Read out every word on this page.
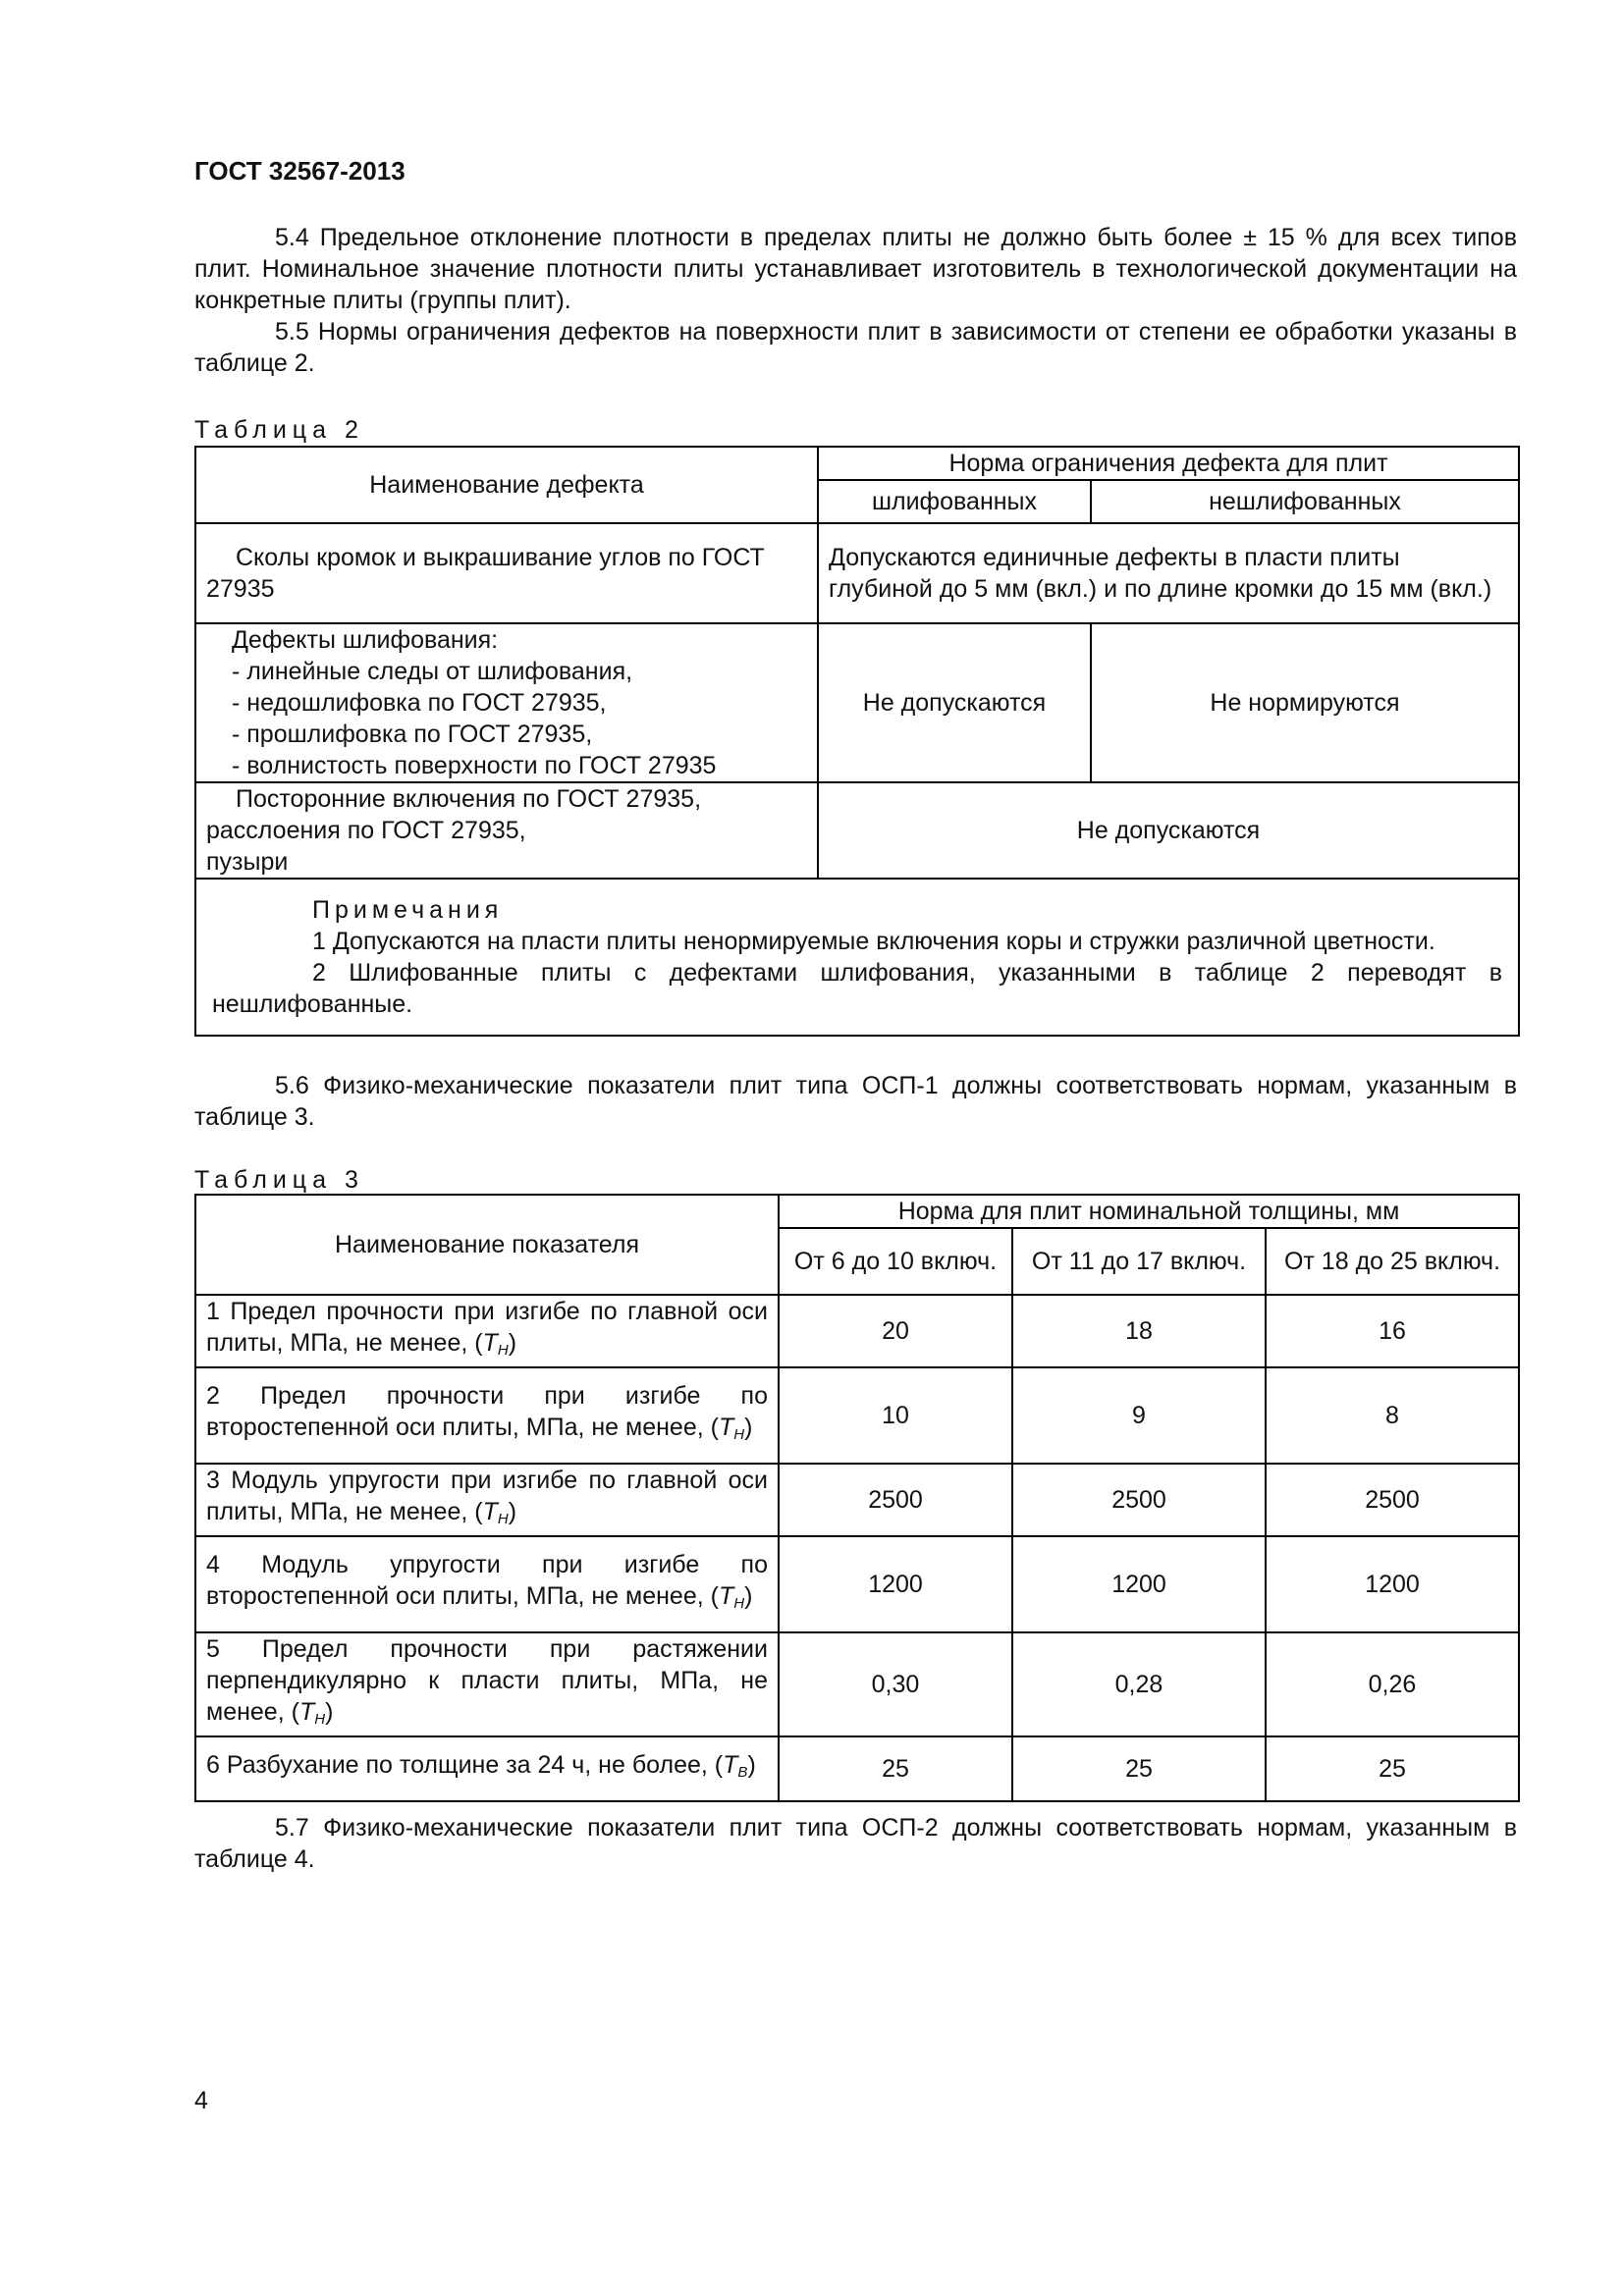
ГОСТ 32567-2013
5.4 Предельное отклонение плотности в пределах плиты не должно быть более ± 15 % для всех типов плит. Номинальное значение плотности плиты устанавливает изготовитель в технологической документации на конкретные плиты (группы плит).
5.5 Нормы ограничения дефектов на поверхности плит в зависимости от степени ее обработки указаны в таблице 2.
Таблица 2
Наименование дефекта	Норма ограничения дефекта для плит	
	шлифованных	нешлифованных
Сколы кромок и выкрашивание углов по ГОСТ 27935	Допускаются единичные дефекты в пласти плиты глубиной до 5 мм (вкл.) и по длине кромки до 15 мм (вкл.)	

Дефекты шлифования:
- линейные следы от шлифования,
- недошлифовка по ГОСТ 27935,
- прошлифовка по ГОСТ 27935,
- волнистость поверхности по ГОСТ 27935	Не допускаются	Не нормируются

Посторонние включения по ГОСТ 27935,
расслоения по ГОСТ 27935,
пузыри	Не допускаются	

Примечания
1 Допускаются на пласти плиты ненормируемые включения коры и стружки различной цветности.
2 Шлифованные плиты с дефектами шлифования, указанными в таблице 2 переводят в нешлифованные.		
5.6 Физико-механические показатели плит типа ОСП-1 должны соответствовать нормам, указанным в таблице 3.
Таблица 3
Наименование показателя	Норма для плит номинальной толщины, мм		
	От 6 до 10 включ.	От 11 до 17 включ.	От 18 до 25 включ.
1 Предел прочности при изгибе по главной оси плиты, МПа, не менее, $(Т_Н)$	20	18	16
2 Предел прочности при изгибе по второстепенной оси плиты, МПа, не менее, $(Т_Н)$	10	9	8
3 Модуль упругости при изгибе по главной оси плиты, МПа, не менее, $(Т_Н)$	2500	2500	2500
4 Модуль упругости при изгибе по второстепенной оси плиты, МПа, не менее, $(Т_Н)$	1200	1200	1200
5 Предел прочности при растяжении перпендикулярно к пласти плиты, МПа, не менее, $(Т_Н)$	0,30	0,28	0,26
6 Разбухание по толщине за 24 ч, не более, $(Т_В)$	25	25	25
5.7 Физико-механические показатели плит типа ОСП-2 должны соответствовать нормам, указанным в таблице 4.
4
